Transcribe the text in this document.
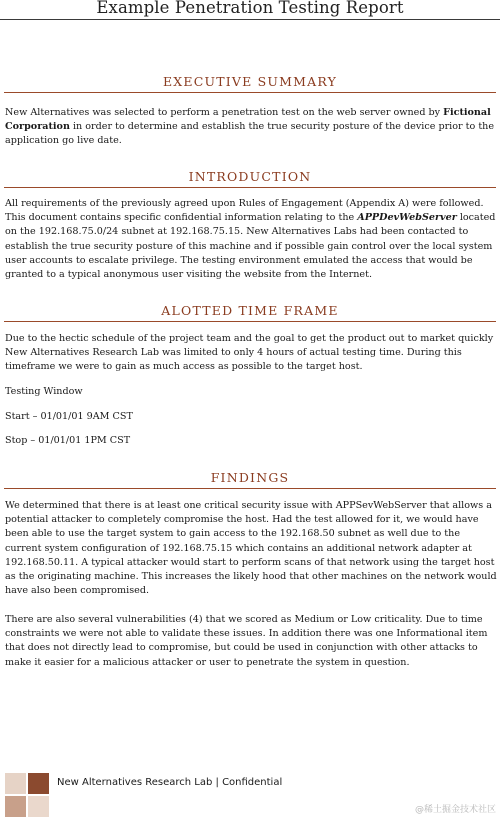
Example Penetration Testing Report
EXECUTIVE SUMMARY

New Alternatives was selected to perform a penetration test on the web server owned by Fictional Corporation in order to determine and establish the true security posture of the device prior to the application go live date.

INTRODUCTION

All requirements of the previously agreed upon Rules of Engagement (Appendix A) were followed. This document contains specific confidential information relating to the APPDevWebServer located on the 192.168.75.0/24 subnet at 192.168.75.15. New Alternatives Labs had been contacted to establish the true security posture of this machine and if possible gain control over the local system user accounts to escalate privilege. The testing environment emulated the access that would be granted to a typical anonymous user visiting the website from the Internet.

ALOTTED TIME FRAME

Due to the hectic schedule of the project team and the goal to get the product out to market quickly New Alternatives Research Lab was limited to only 4 hours of actual testing time. During this timeframe we were to gain as much access as possible to the target host.

Testing Window

Start – 01/01/01 9AM CST

Stop – 01/01/01 1PM CST

FINDINGS

We determined that there is at least one critical security issue with APPSevWebServer that allows a potential attacker to completely compromise the host. Had the test allowed for it, we would have been able to use the target system to gain access to the 192.168.50 subnet as well due to the current system configuration of 192.168.75.15 which contains an additional network adapter at 192.168.50.11. A typical attacker would start to perform scans of that network using the target host as the originating machine. This increases the likely hood that other machines on the network would have also been compromised.

There are also several vulnerabilities (4) that we scored as Medium or Low criticality. Due to time constraints we were not able to validate these issues. In addition there was one Informational item that does not directly lead to compromise, but could be used in conjunction with other attacks to make it easier for a malicious attacker or user to penetrate the system in question.

New Alternatives Research Lab | Confidential
@稀土掘金技术社区
